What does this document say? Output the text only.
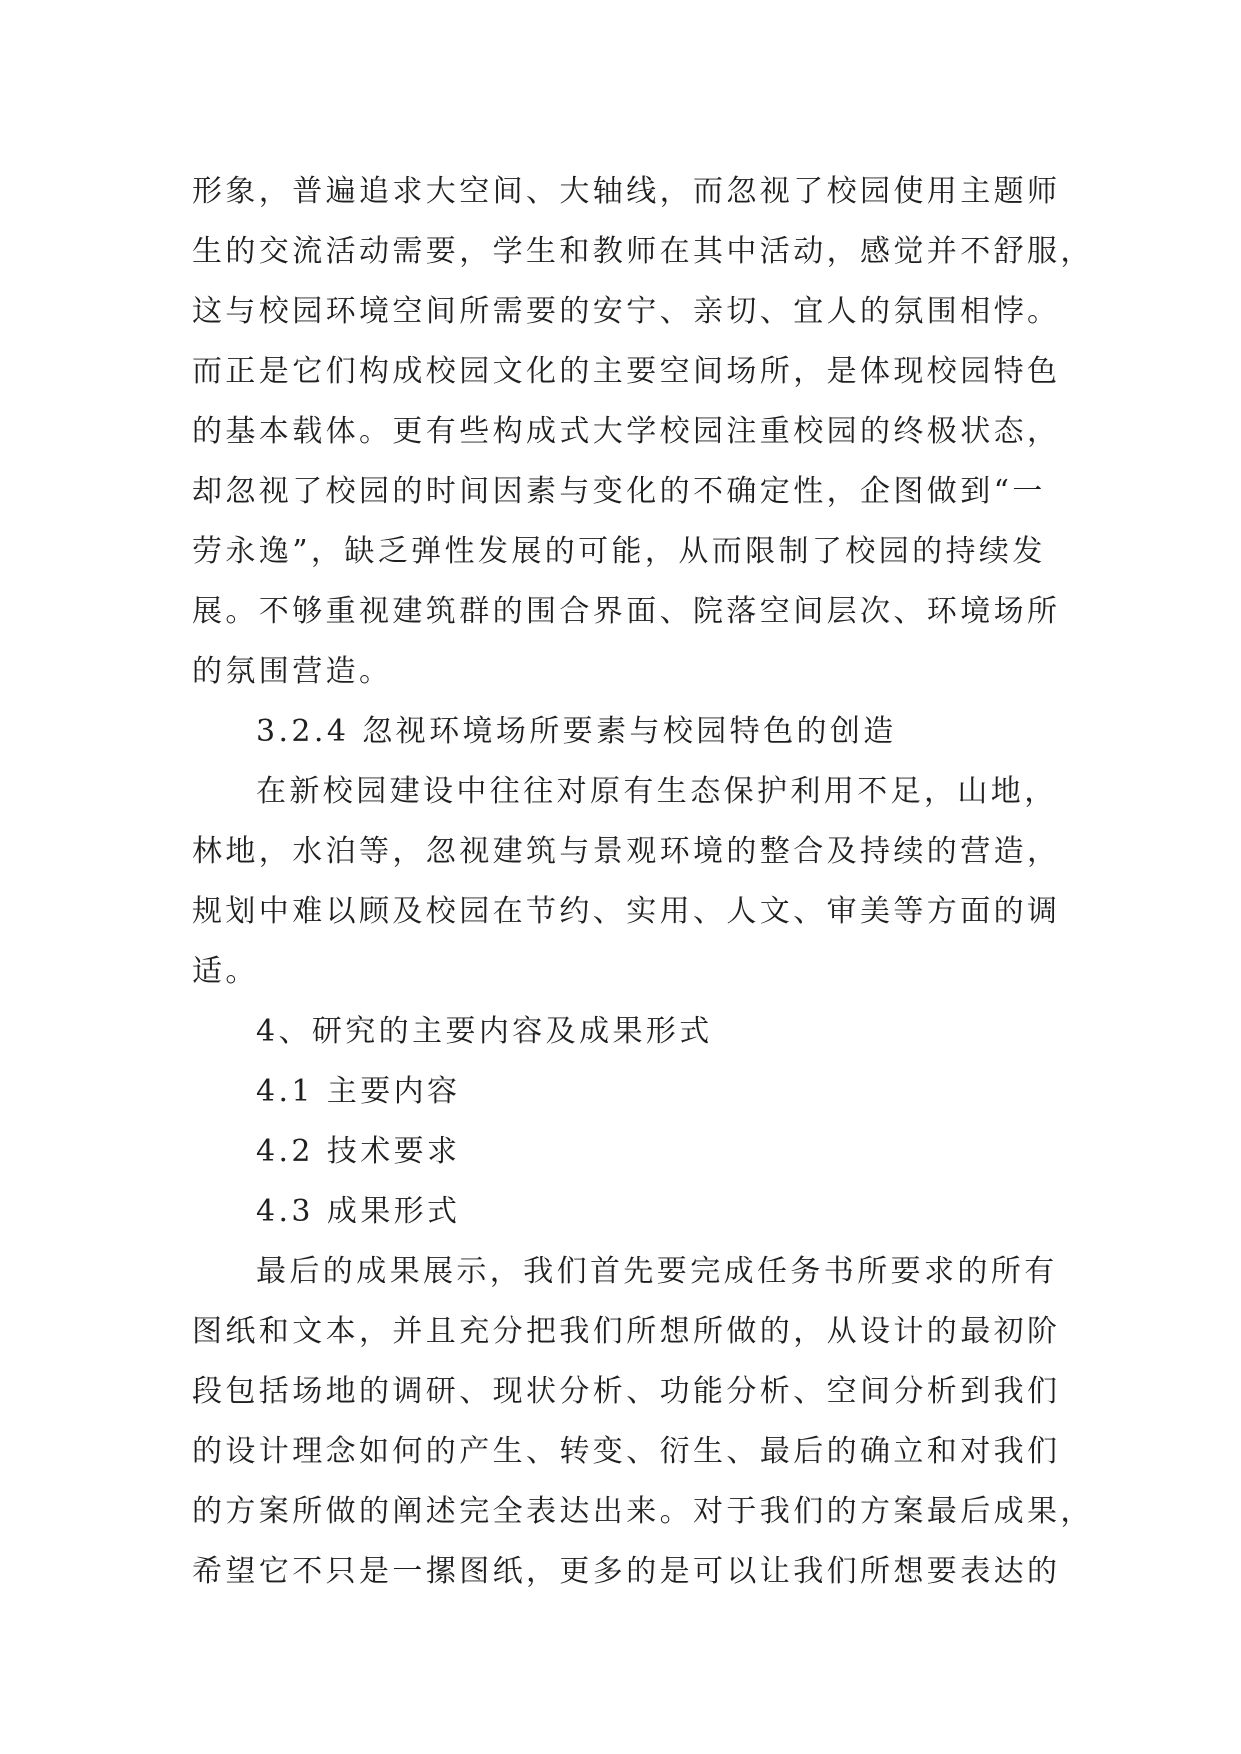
形象，普遍追求大空间、大轴线，而忽视了校园使用主题师
生的交流活动需要，学生和教师在其中活动，感觉并不舒服，
这与校园环境空间所需要的安宁、亲切、宜人的氛围相悖。
而正是它们构成校园文化的主要空间场所，是体现校园特色
的基本载体。更有些构成式大学校园注重校园的终极状态，
却忽视了校园的时间因素与变化的不确定性，企图做到“一
劳永逸”，缺乏弹性发展的可能，从而限制了校园的持续发
展。不够重视建筑群的围合界面、院落空间层次、环境场所
的氛围营造。
3.2.4 忽视环境场所要素与校园特色的创造
在新校园建设中往往对原有生态保护利用不足，山地，
林地，水泊等，忽视建筑与景观环境的整合及持续的营造，
规划中难以顾及校园在节约、实用、人文、审美等方面的调
适。
4、研究的主要内容及成果形式
4.1 主要内容
4.2 技术要求
4.3 成果形式
最后的成果展示，我们首先要完成任务书所要求的所有
图纸和文本，并且充分把我们所想所做的，从设计的最初阶
段包括场地的调研、现状分析、功能分析、空间分析到我们
的设计理念如何的产生、转变、衍生、最后的确立和对我们
的方案所做的阐述完全表达出来。对于我们的方案最后成果，
希望它不只是一摞图纸，更多的是可以让我们所想要表达的
